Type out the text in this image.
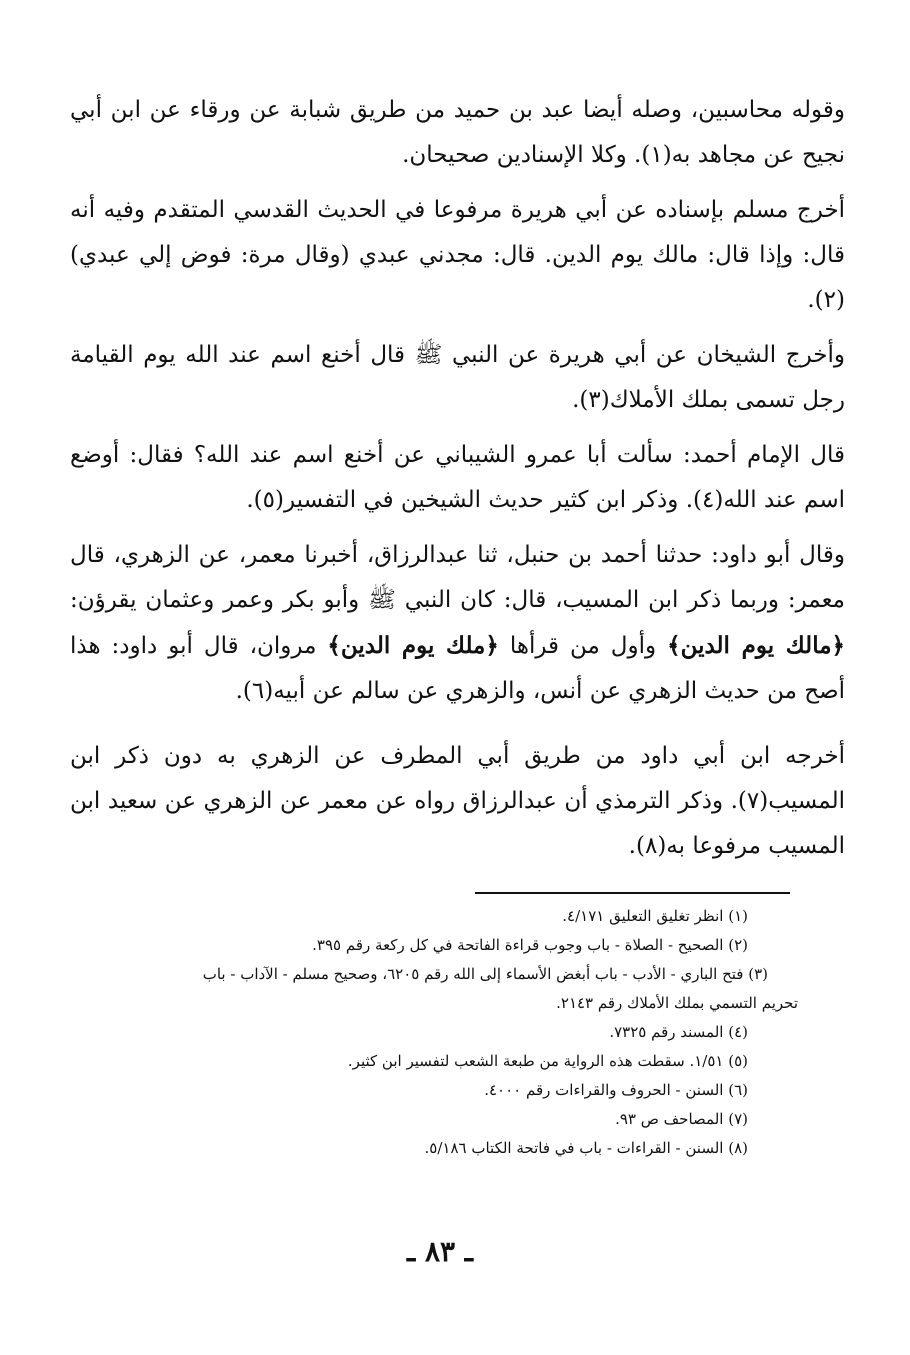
وقوله محاسبين، وصله أيضا عبد بن حميد من طريق شبابة عن ورقاء عن ابن أبي نجيح عن مجاهد به(١). وكلا الإسنادين صحيحان.

أخرج مسلم بإسناده عن أبي هريرة مرفوعا في الحديث القدسي المتقدم وفيه أنه قال: وإذا قال: مالك يوم الدين. قال: مجدني عبدي (وقال مرة: فوض إلي عبدي)(٢).

وأخرج الشيخان عن أبي هريرة عن النبي ﷺ قال أخنع اسم عند الله يوم القيامة رجل تسمى بملك الأملاك(٣).

قال الإمام أحمد: سألت أبا عمرو الشيباني عن أخنع اسم عند الله؟ فقال: أوضع اسم عند الله(٤). وذكر ابن كثير حديث الشيخين في التفسير(٥).

وقال أبو داود: حدثنا أحمد بن حنبل، ثنا عبدالرزاق، أخبرنا معمر، عن الزهري، قال معمر: وربما ذكر ابن المسيب، قال: كان النبي ﷺ وأبو بكر وعمر وعثمان يقرؤن: ﴿مالك يوم الدين﴾ وأول من قرأها ﴿ملك يوم الدين﴾ مروان، قال أبو داود: هذا أصح من حديث الزهري عن أنس، والزهري عن سالم عن أبيه(٦).

أخرجه ابن أبي داود من طريق أبي المطرف عن الزهري به دون ذكر ابن المسيب(٧). وذكر الترمذي أن عبدالرزاق رواه عن معمر عن الزهري عن سعيد ابن المسيب مرفوعا به(٨).

(١) انظر تغليق التعليق ٤/١٧١.

(٢) الصحيح - الصلاة - باب وجوب قراءة الفاتحة في كل ركعة رقم ٣٩٥.

(٣) فتح الباري - الأدب - باب أبغض الأسماء إلى الله رقم ٦٢٠٥، وصحيح مسلم - الآداب - باب

تحريم التسمي بملك الأملاك رقم ٢١٤٣.

(٤) المسند رقم ٧٣٢٥.

(٥) ١/٥١. سقطت هذه الرواية من طبعة الشعب لتفسير ابن كثير.

(٦) السنن - الحروف والقراءات رقم ٤٠٠٠.

(٧) المصاحف ص ٩٣.

(٨) السنن - القراءات - باب في فاتحة الكتاب ٥/١٨٦.

ـ ٨٣ ـ
